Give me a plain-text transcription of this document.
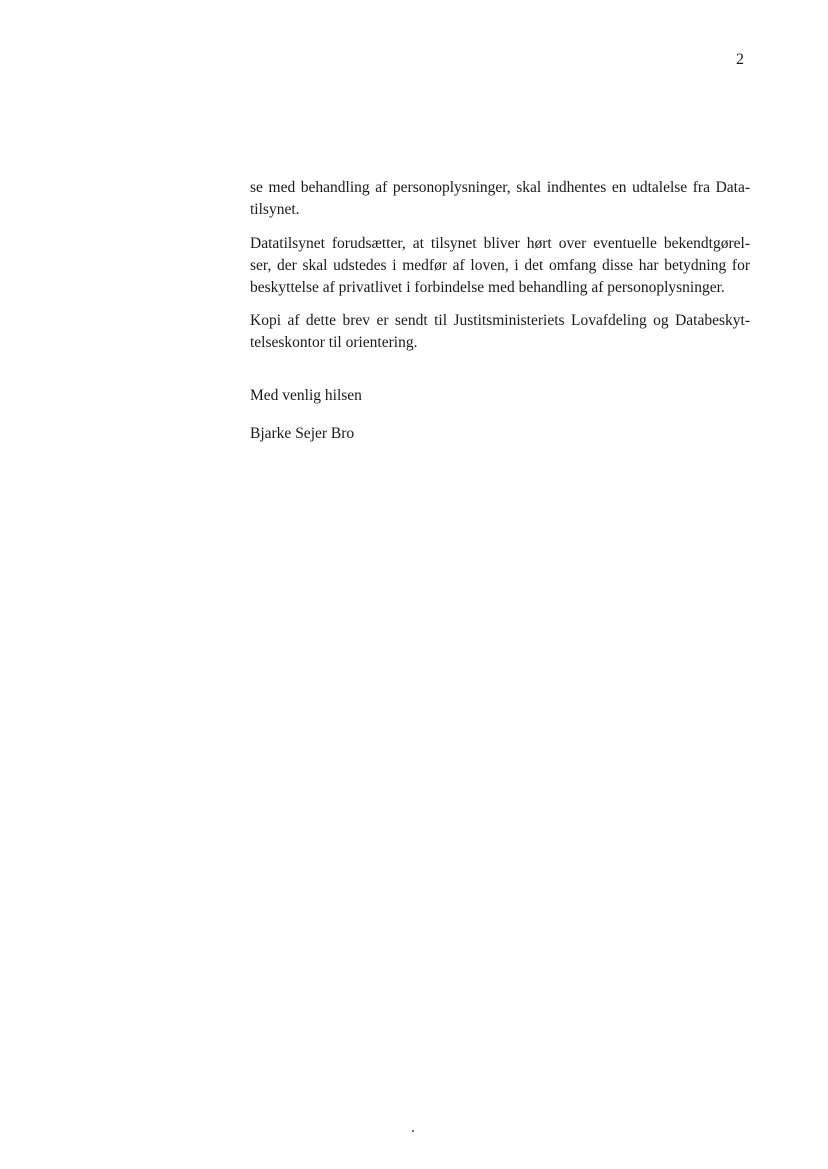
2
se med behandling af personoplysninger, skal indhentes en udtalelse fra Data-
tilsynet.
Datatilsynet forudsætter, at tilsynet bliver hørt over eventuelle bekendtgørel-
ser, der skal udstedes i medfør af loven, i det omfang disse har betydning for
beskyttelse af privatlivet i forbindelse med behandling af personoplysninger.
Kopi af dette brev er sendt til Justitsministeriets Lovafdeling og Databeskyt-
telseskontor til orientering.
Med venlig hilsen
Bjarke Sejer Bro
